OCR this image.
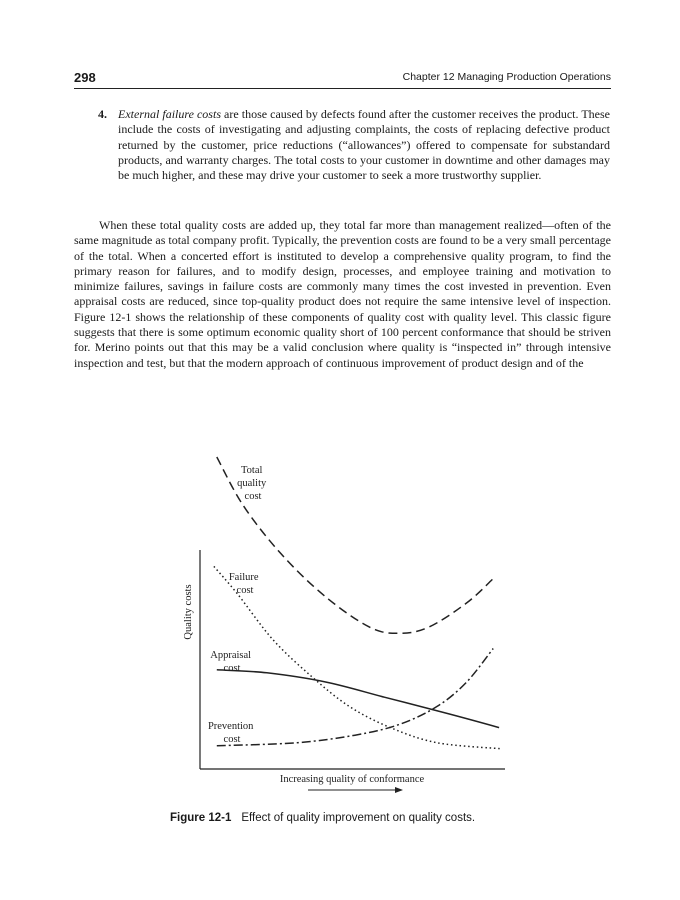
298	Chapter 12 Managing Production Operations
4. External failure costs are those caused by defects found after the customer receives the product. These include the costs of investigating and adjusting complaints, the costs of replacing defective product returned by the customer, price reductions (“allowances”) offered to compensate for substandard products, and warranty charges. The total costs to your customer in downtime and other damages may be much higher, and these may drive your customer to seek a more trustworthy supplier.

When these total quality costs are added up, they total far more than management realized—often of the same magnitude as total company profit. Typically, the prevention costs are found to be a very small percentage of the total. When a concerted effort is instituted to develop a comprehensive quality program, to find the primary reason for failures, and to modify design, processes, and employee training and motivation to minimize failures, savings in failure costs are commonly many times the cost invested in prevention. Even appraisal costs are reduced, since top-quality product does not require the same intensive level of inspection. Figure 12-1 shows the relationship of these components of quality cost with quality level. This classic figure suggests that there is some optimum economic quality short of 100 percent conformance that should be striven for. Merino points out that this may be a valid conclusion where quality is “inspected in” through intensive inspection and test, but that the modern approach of continuous improvement of product design and of the

Total quality cost
Failure cost
Appraisal cost
Prevention cost
Quality costs
Increasing quality of conformance
Figure 12-1 Effect of quality improvement on quality costs.
